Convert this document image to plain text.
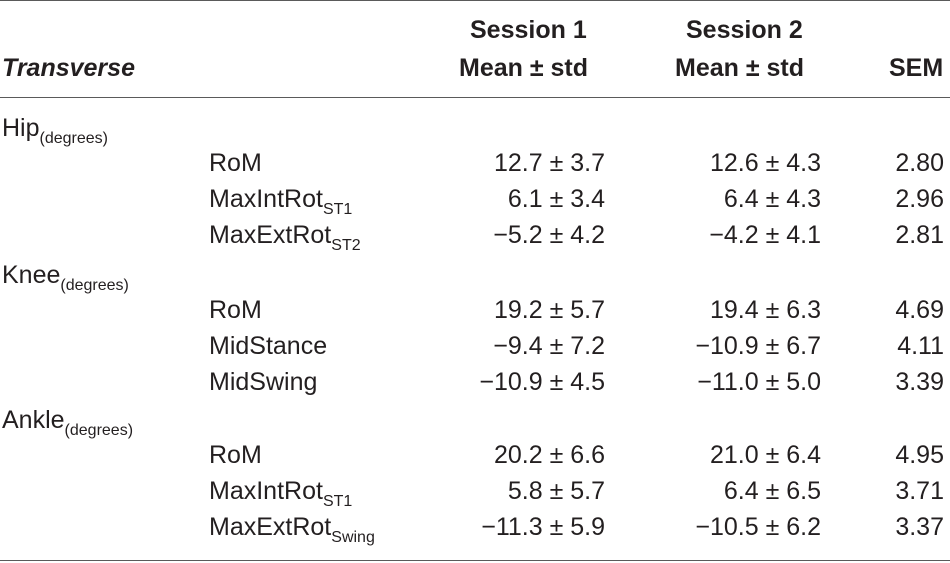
Session 1	Session 2
Transverse	Mean ± std	Mean ± std	SEM
Hip$_{(degrees)}$
RoM	12.7 ± 3.7	12.6 ± 4.3	2.80
MaxIntRot$_{ST1}$	6.1 ± 3.4	6.4 ± 4.3	2.96
MaxExtRot$_{ST2}$	−5.2 ± 4.2	−4.2 ± 4.1	2.81
Knee$_{(degrees)}$
RoM	19.2 ± 5.7	19.4 ± 6.3	4.69
MidStance	−9.4 ± 7.2	−10.9 ± 6.7	4.11
MidSwing	−10.9 ± 4.5	−11.0 ± 5.0	3.39
Ankle$_{(degrees)}$
RoM	20.2 ± 6.6	21.0 ± 6.4	4.95
MaxIntRot$_{ST1}$	5.8 ± 5.7	6.4 ± 6.5	3.71
MaxExtRot$_{Swing}$	−11.3 ± 5.9	−10.5 ± 6.2	3.37
